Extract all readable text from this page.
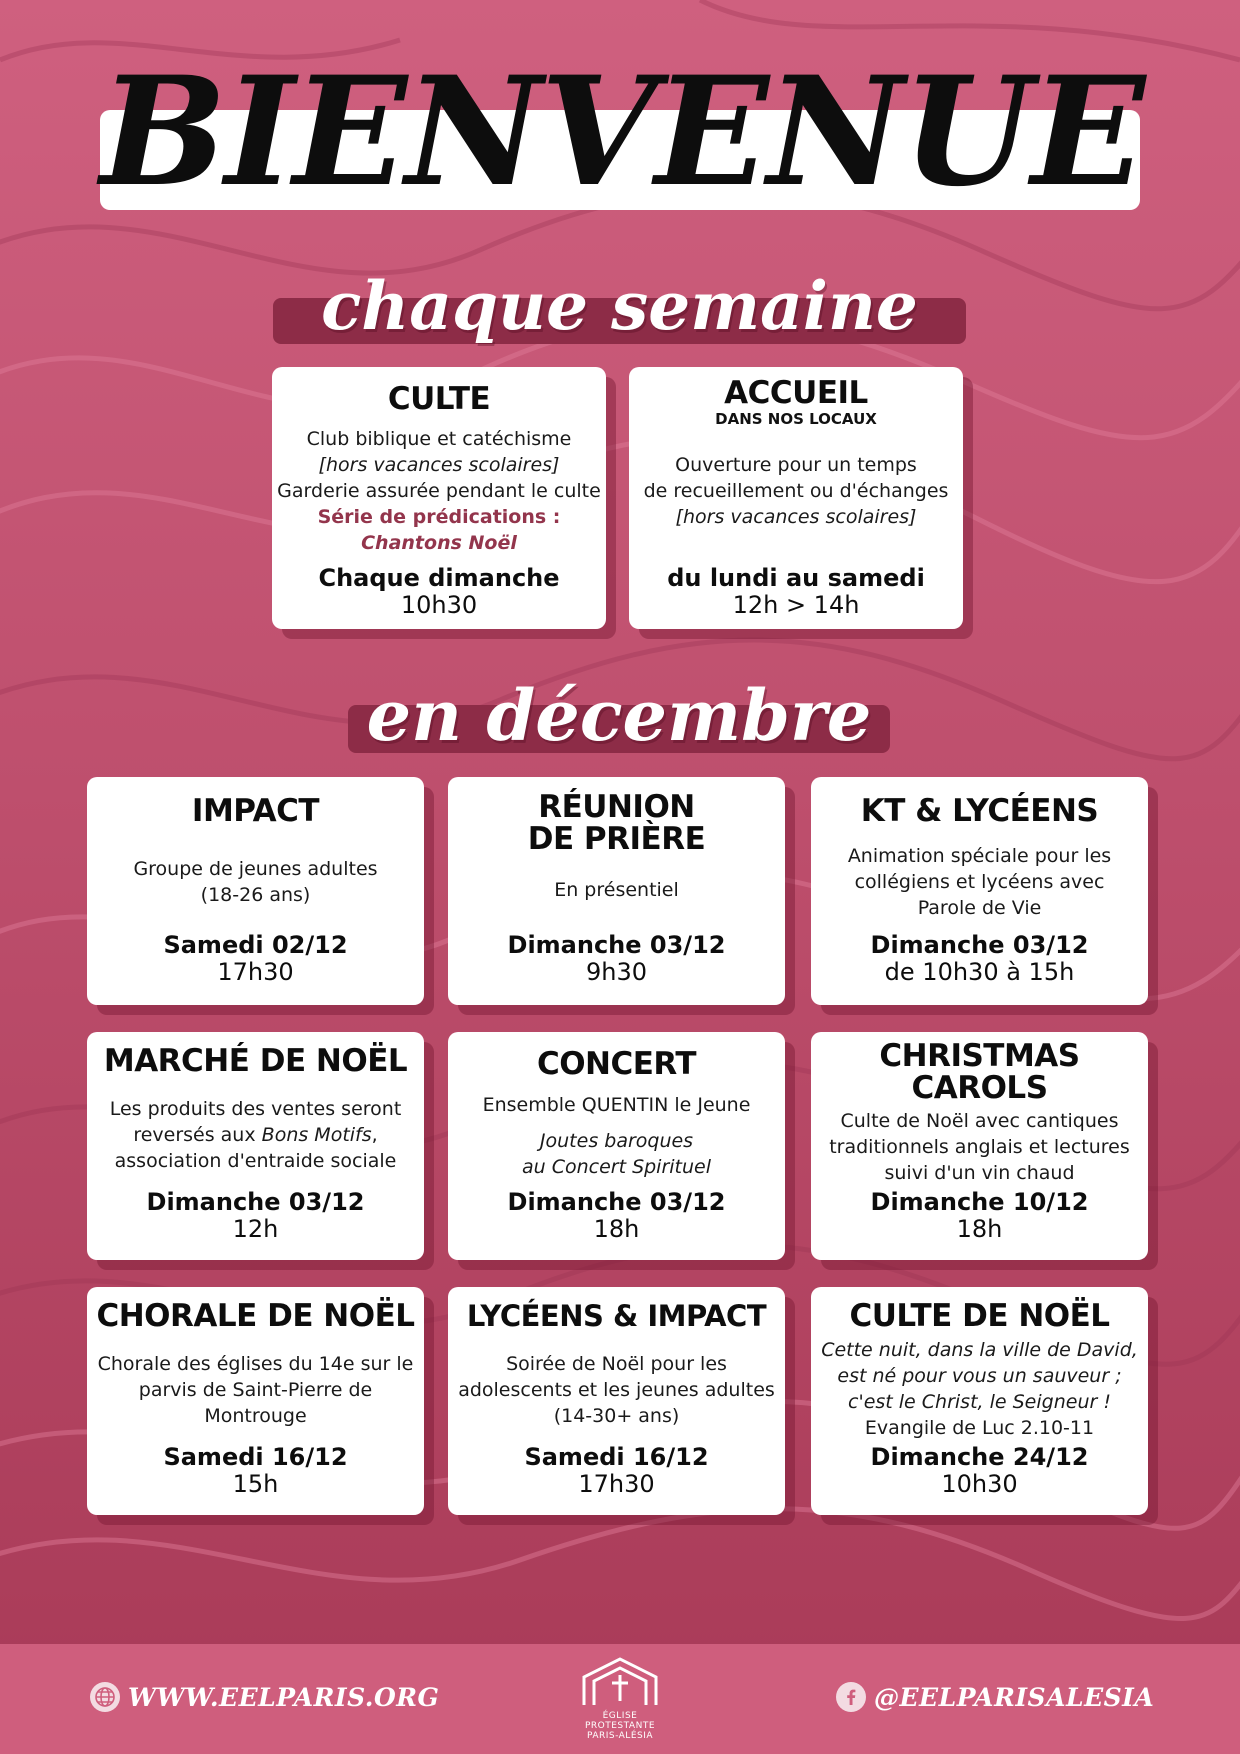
BIENVENUE
chaque semaine
CULTE

Club biblique et catéchisme

[hors vacances scolaires]

Garderie assurée pendant le culte

Série de prédications :

Chantons Noël

Chaque dimanche
10h30
ACCUEIL
DANS NOS LOCAUX

Ouverture pour un temps

de recueillement ou d'échanges

[hors vacances scolaires]

du lundi au samedi
12h > 14h
en décembre
IMPACT

Groupe de jeunes adultes

(18-26 ans)

Samedi 02/12
17h30
RÉUNION
DE PRIÈRE

En présentiel

Dimanche 03/12
9h30
KT & LYCÉENS

Animation spéciale pour les

collégiens et lycéens avec

Parole de Vie

Dimanche 03/12
de 10h30 à 15h
MARCHÉ DE NOËL

Les produits des ventes seront

reversés aux Bons Motifs,

association d'entraide sociale

Dimanche 03/12
12h
CONCERT

Ensemble QUENTIN le Jeune

Joutes baroques

au Concert Spirituel

Dimanche 03/12
18h
CHRISTMAS
CAROLS

Culte de Noël avec cantiques

traditionnels anglais et lectures

suivi d'un vin chaud

Dimanche 10/12
18h
CHORALE DE NOËL

Chorale des églises du 14e sur le

parvis de Saint-Pierre de

Montrouge

Samedi 16/12
15h
LYCÉENS & IMPACT

Soirée de Noël pour les

adolescents et les jeunes adultes

(14-30+ ans)

Samedi 16/12
17h30
CULTE DE NOËL

Cette nuit, dans la ville de David,

est né pour vous un sauveur ;

c'est le Christ, le Seigneur !

Evangile de Luc 2.10-11

Dimanche 24/12
10h30
WWW.EELPARIS.ORG
ÉGLISE
PROTESTANTE
PARIS-ALÉSIA
@EELPARISALESIA
